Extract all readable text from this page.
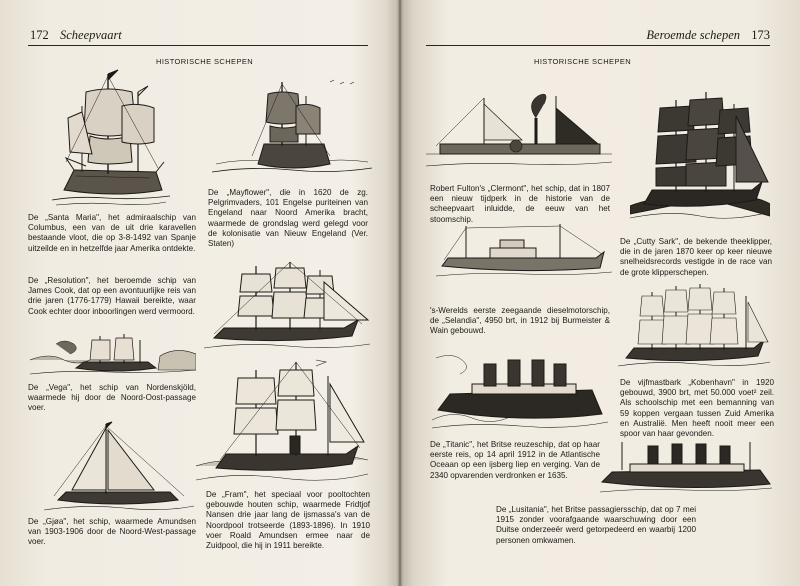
172 Scheepvaart
HISTORISCHE SCHEPEN
De „Mayflower", die in 1620 de zg. Pelgrimvaders, 101 Engelse puriteinen van Engeland naar Noord Amerika bracht, waarmede de grondslag werd gelegd voor de kolonisatie van Nieuw Engeland (Ver. Staten)
De „Santa Maria", het admiraalschip van Columbus, een van de uit drie karavellen bestaande vloot, die op 3-8-1492 van Spanje uitzeilde en in hetzelfde jaar Amerika ontdekte.
De „Resolution", het beroemde schip van James Cook, dat op een avontuurlijke reis van drie jaren (1776-1779) Hawaii bereikte, waar Cook echter door inboorlingen werd vermoord.
De „Vega", het schip van Nordenskjöld, waarmede hij door de Noord-Oost-passage voer.
De „Fram", het speciaal voor pooltochten gebouwde houten schip, waarmede Fridtjof Nansen drie jaar lang de ijsmassa's van de Noordpool trotseerde (1893-1896). In 1910 voer Roald Amundsen ermee naar de Zuidpool, die hij in 1911 bereikte.
De „Gjøa", het schip, waarmede Amundsen van 1903-1906 door de Noord-West-passage voer.
Beroemde schepen 173
HISTORISCHE SCHEPEN
Robert Fulton's „Clermont", het schip, dat in 1807 een nieuw tijdperk in de historie van de scheepvaart inluidde, de eeuw van het stoomschip.
De „Cutty Sark", de bekende theeklipper, die in de jaren 1870 keer op keer nieuwe snelheidsrecords vestigde in de race van de grote klipperschepen.
's-Werelds eerste zeegaande dieselmotorschip, de „Selandia", 4950 brt, in 1912 bij Burmeister & Wain gebouwd.
De vijfmastbark „Kobenhavn" in 1920 gebouwd, 3900 brt, met 50.000 voet² zeil. Als schoolschip met een bemanning van 59 koppen vergaan tussen Zuid Amerika en Australië. Men heeft nooit meer een spoor van haar gevonden.
De „Titanic", het Britse reuzeschip, dat op haar eerste reis, op 14 april 1912 in de Atlantische Oceaan op een ijsberg liep en verging. Van de 2340 opvarenden verdronken er 1635.
De „Lusitania", het Britse passagiersschip, dat op 7 mei 1915 zonder voorafgaande waarschuwing door een Duitse onderzeeër werd getorpedeerd en waarbij 1200 personen omkwamen.
